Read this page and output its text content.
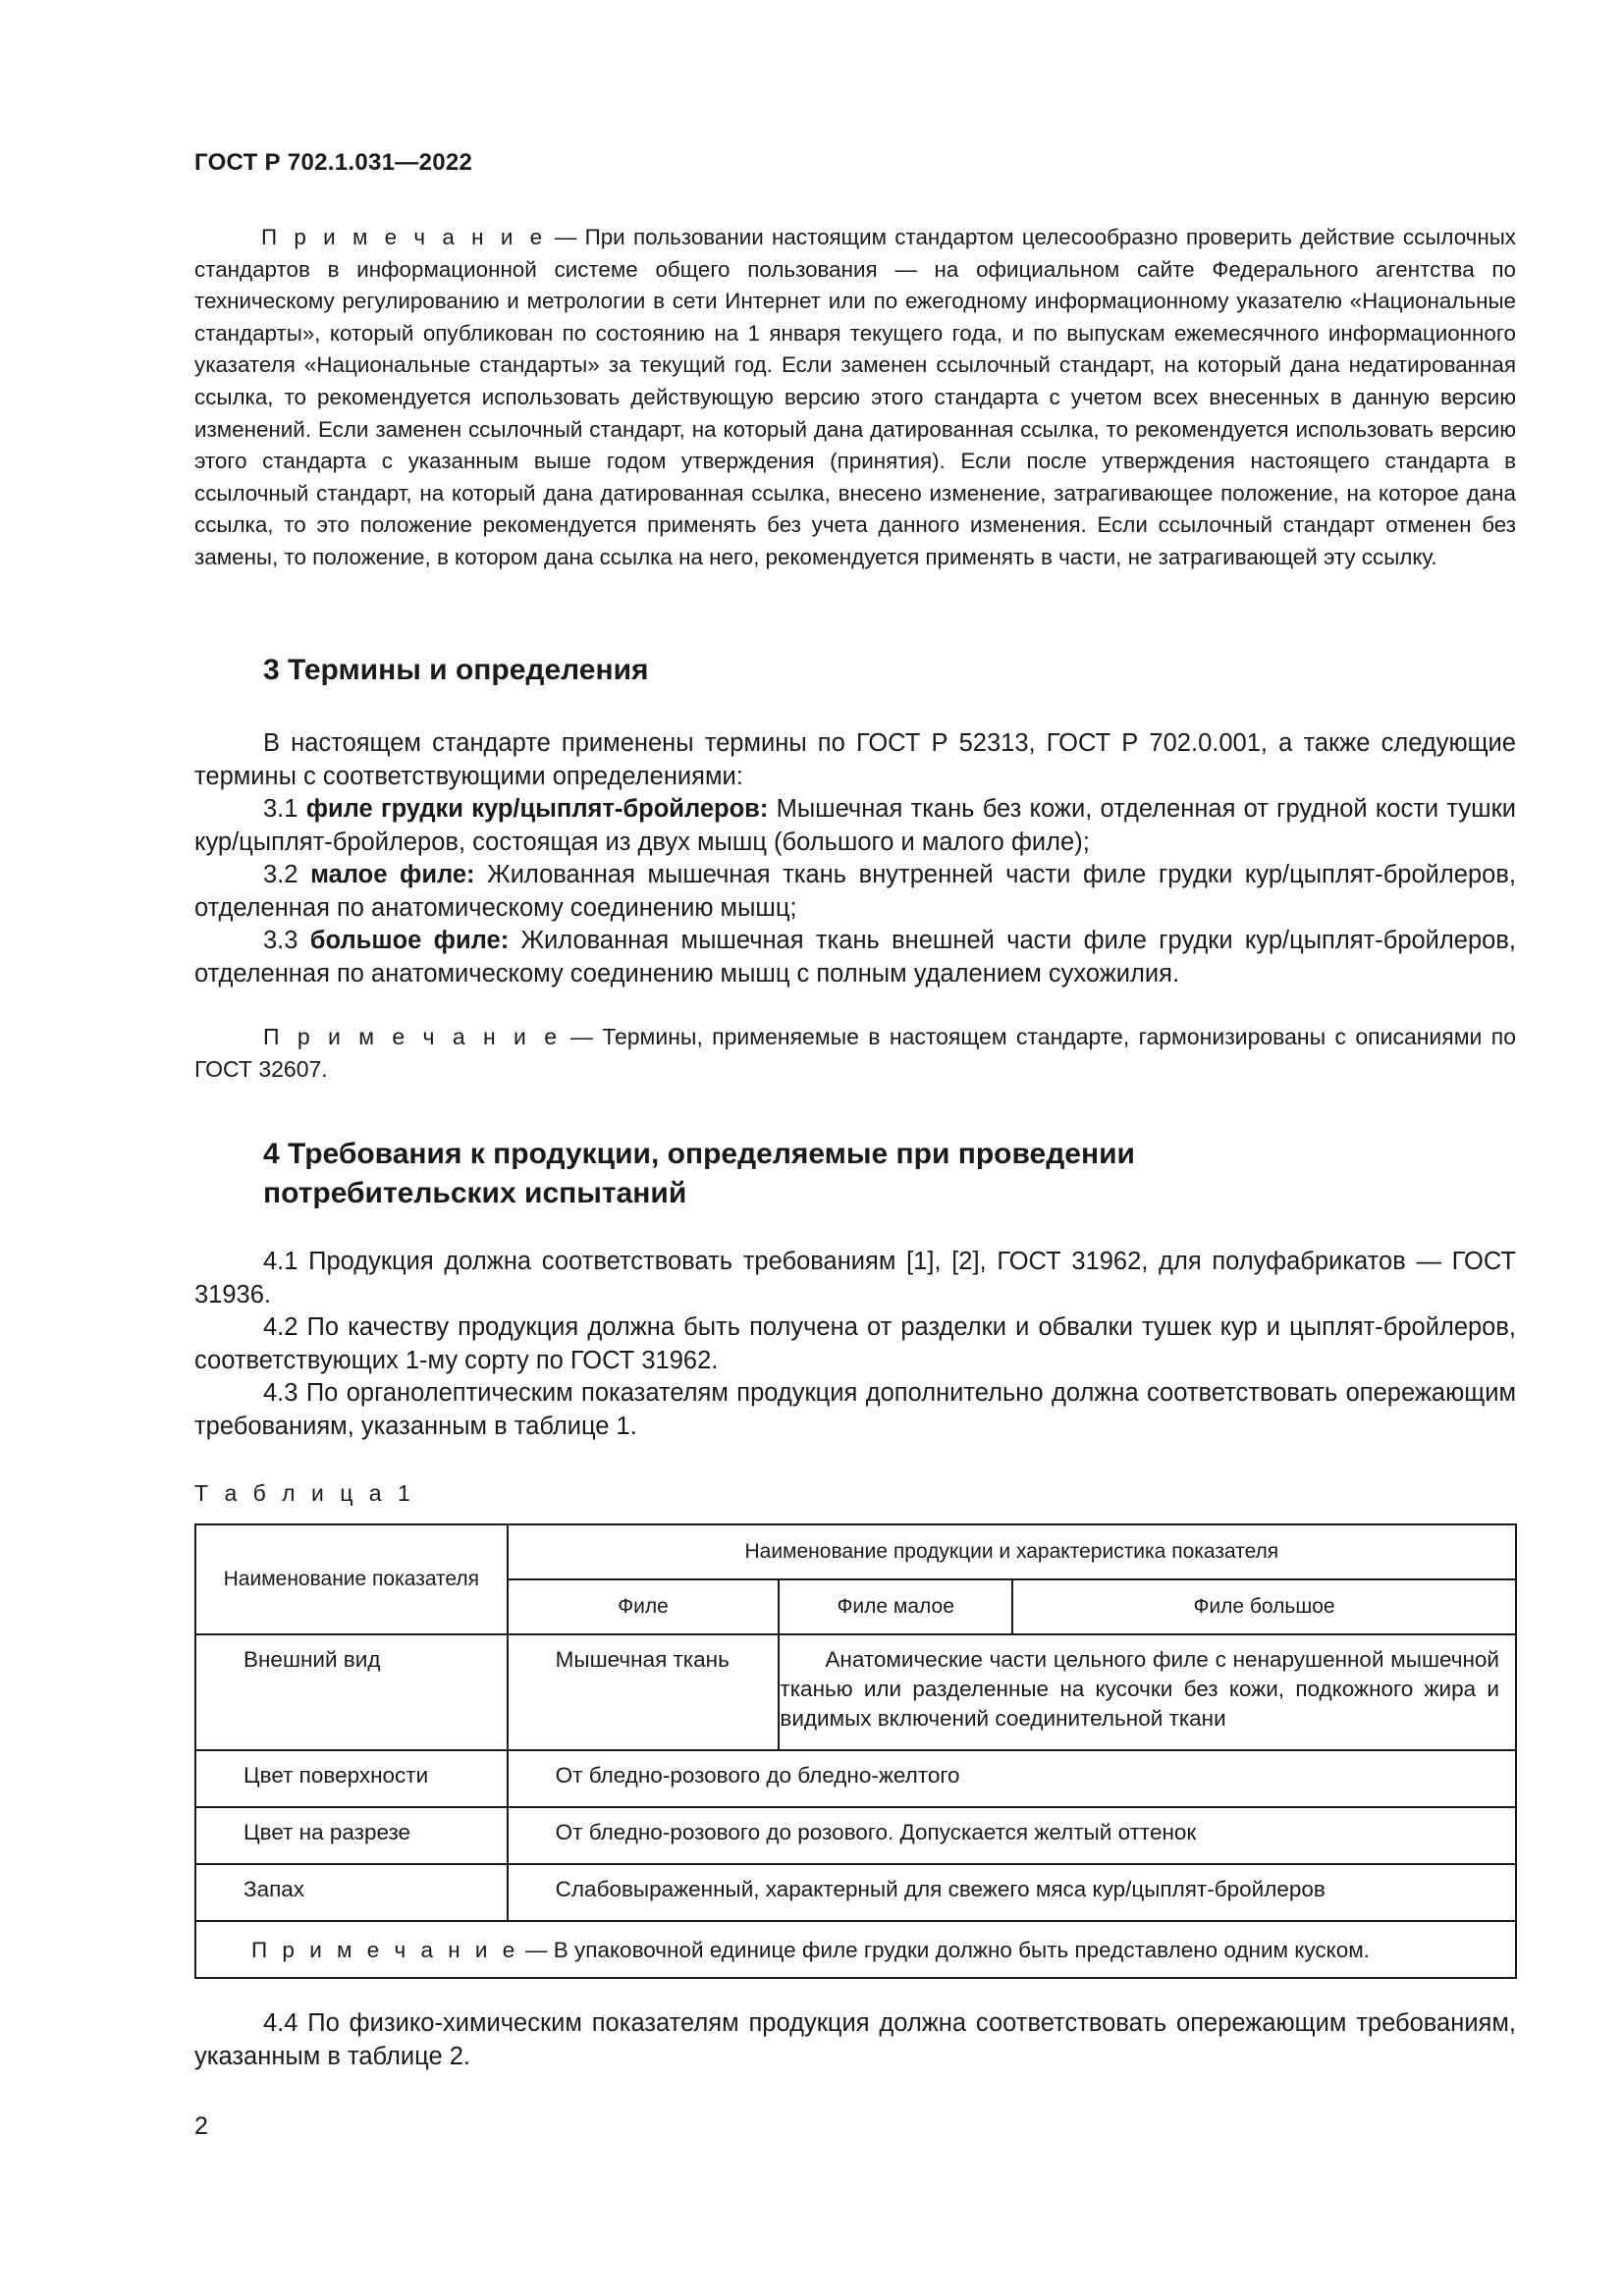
ГОСТ Р 702.1.031—2022
П р и м е ч а н и е — При пользовании настоящим стандартом целесообразно проверить действие ссылочных стандартов в информационной системе общего пользования — на официальном сайте Федерального агентства по техническому регулированию и метрологии в сети Интернет или по ежегодному информационному указателю «Национальные стандарты», который опубликован по состоянию на 1 января текущего года, и по выпускам ежемесячного информационного указателя «Национальные стандарты» за текущий год. Если заменен ссылочный стандарт, на который дана недатированная ссылка, то рекомендуется использовать действующую версию этого стандарта с учетом всех внесенных в данную версию изменений. Если заменен ссылочный стандарт, на который дана датированная ссылка, то рекомендуется использовать версию этого стандарта с указанным выше годом утверждения (принятия). Если после утверждения настоящего стандарта в ссылочный стандарт, на который дана датированная ссылка, внесено изменение, затрагивающее положение, на которое дана ссылка, то это положение рекомендуется применять без учета данного изменения. Если ссылочный стандарт отменен без замены, то положение, в котором дана ссылка на него, рекомендуется применять в части, не затрагивающей эту ссылку.
3 Термины и определения
В настоящем стандарте применены термины по ГОСТ Р 52313, ГОСТ Р 702.0.001, а также следующие термины с соответствующими определениями:
3.1 филе грудки кур/цыплят-бройлеров: Мышечная ткань без кожи, отделенная от грудной кости тушки кур/цыплят-бройлеров, состоящая из двух мышц (большого и малого филе);
3.2 малое филе: Жилованная мышечная ткань внутренней части филе грудки кур/цыплят-бройлеров, отделенная по анатомическому соединению мышц;
3.3 большое филе: Жилованная мышечная ткань внешней части филе грудки кур/цыплят-бройлеров, отделенная по анатомическому соединению мышц с полным удалением сухожилия.
П р и м е ч а н и е — Термины, применяемые в настоящем стандарте, гармонизированы с описаниями по ГОСТ 32607.
4 Требования к продукции, определяемые при проведении
потребительских испытаний
4.1 Продукция должна соответствовать требованиям [1], [2], ГОСТ 31962, для полуфабрикатов — ГОСТ 31936.
4.2 По качеству продукция должна быть получена от разделки и обвалки тушек кур и цыплят-бройлеров, соответствующих 1-му сорту по ГОСТ 31962.
4.3 По органолептическим показателям продукция дополнительно должна соответствовать опережающим требованиям, указанным в таблице 1.
Т а б л и ц а 1
Наименование показателя	Наименование продукции и характеристика показателя		
	Филе	Филе малое	Филе большое
Внешний вид	Мышечная ткань	Анатомические части цельного филе с ненарушенной мышечной тканью или разделенные на кусочки без кожи, подкожного жира и видимых включений соединительной ткани	
Цвет поверхности	От бледно-розового до бледно-желтого		
Цвет на разрезе	От бледно-розового до розового. Допускается желтый оттенок		
Запах	Слабовыраженный, характерный для свежего мяса кур/цыплят-бройлеров		
П р и м е ч а н и е — В упаковочной единице филе грудки должно быть представлено одним куском.			
4.4 По физико-химическим показателям продукция должна соответствовать опережающим требованиям, указанным в таблице 2.
2
